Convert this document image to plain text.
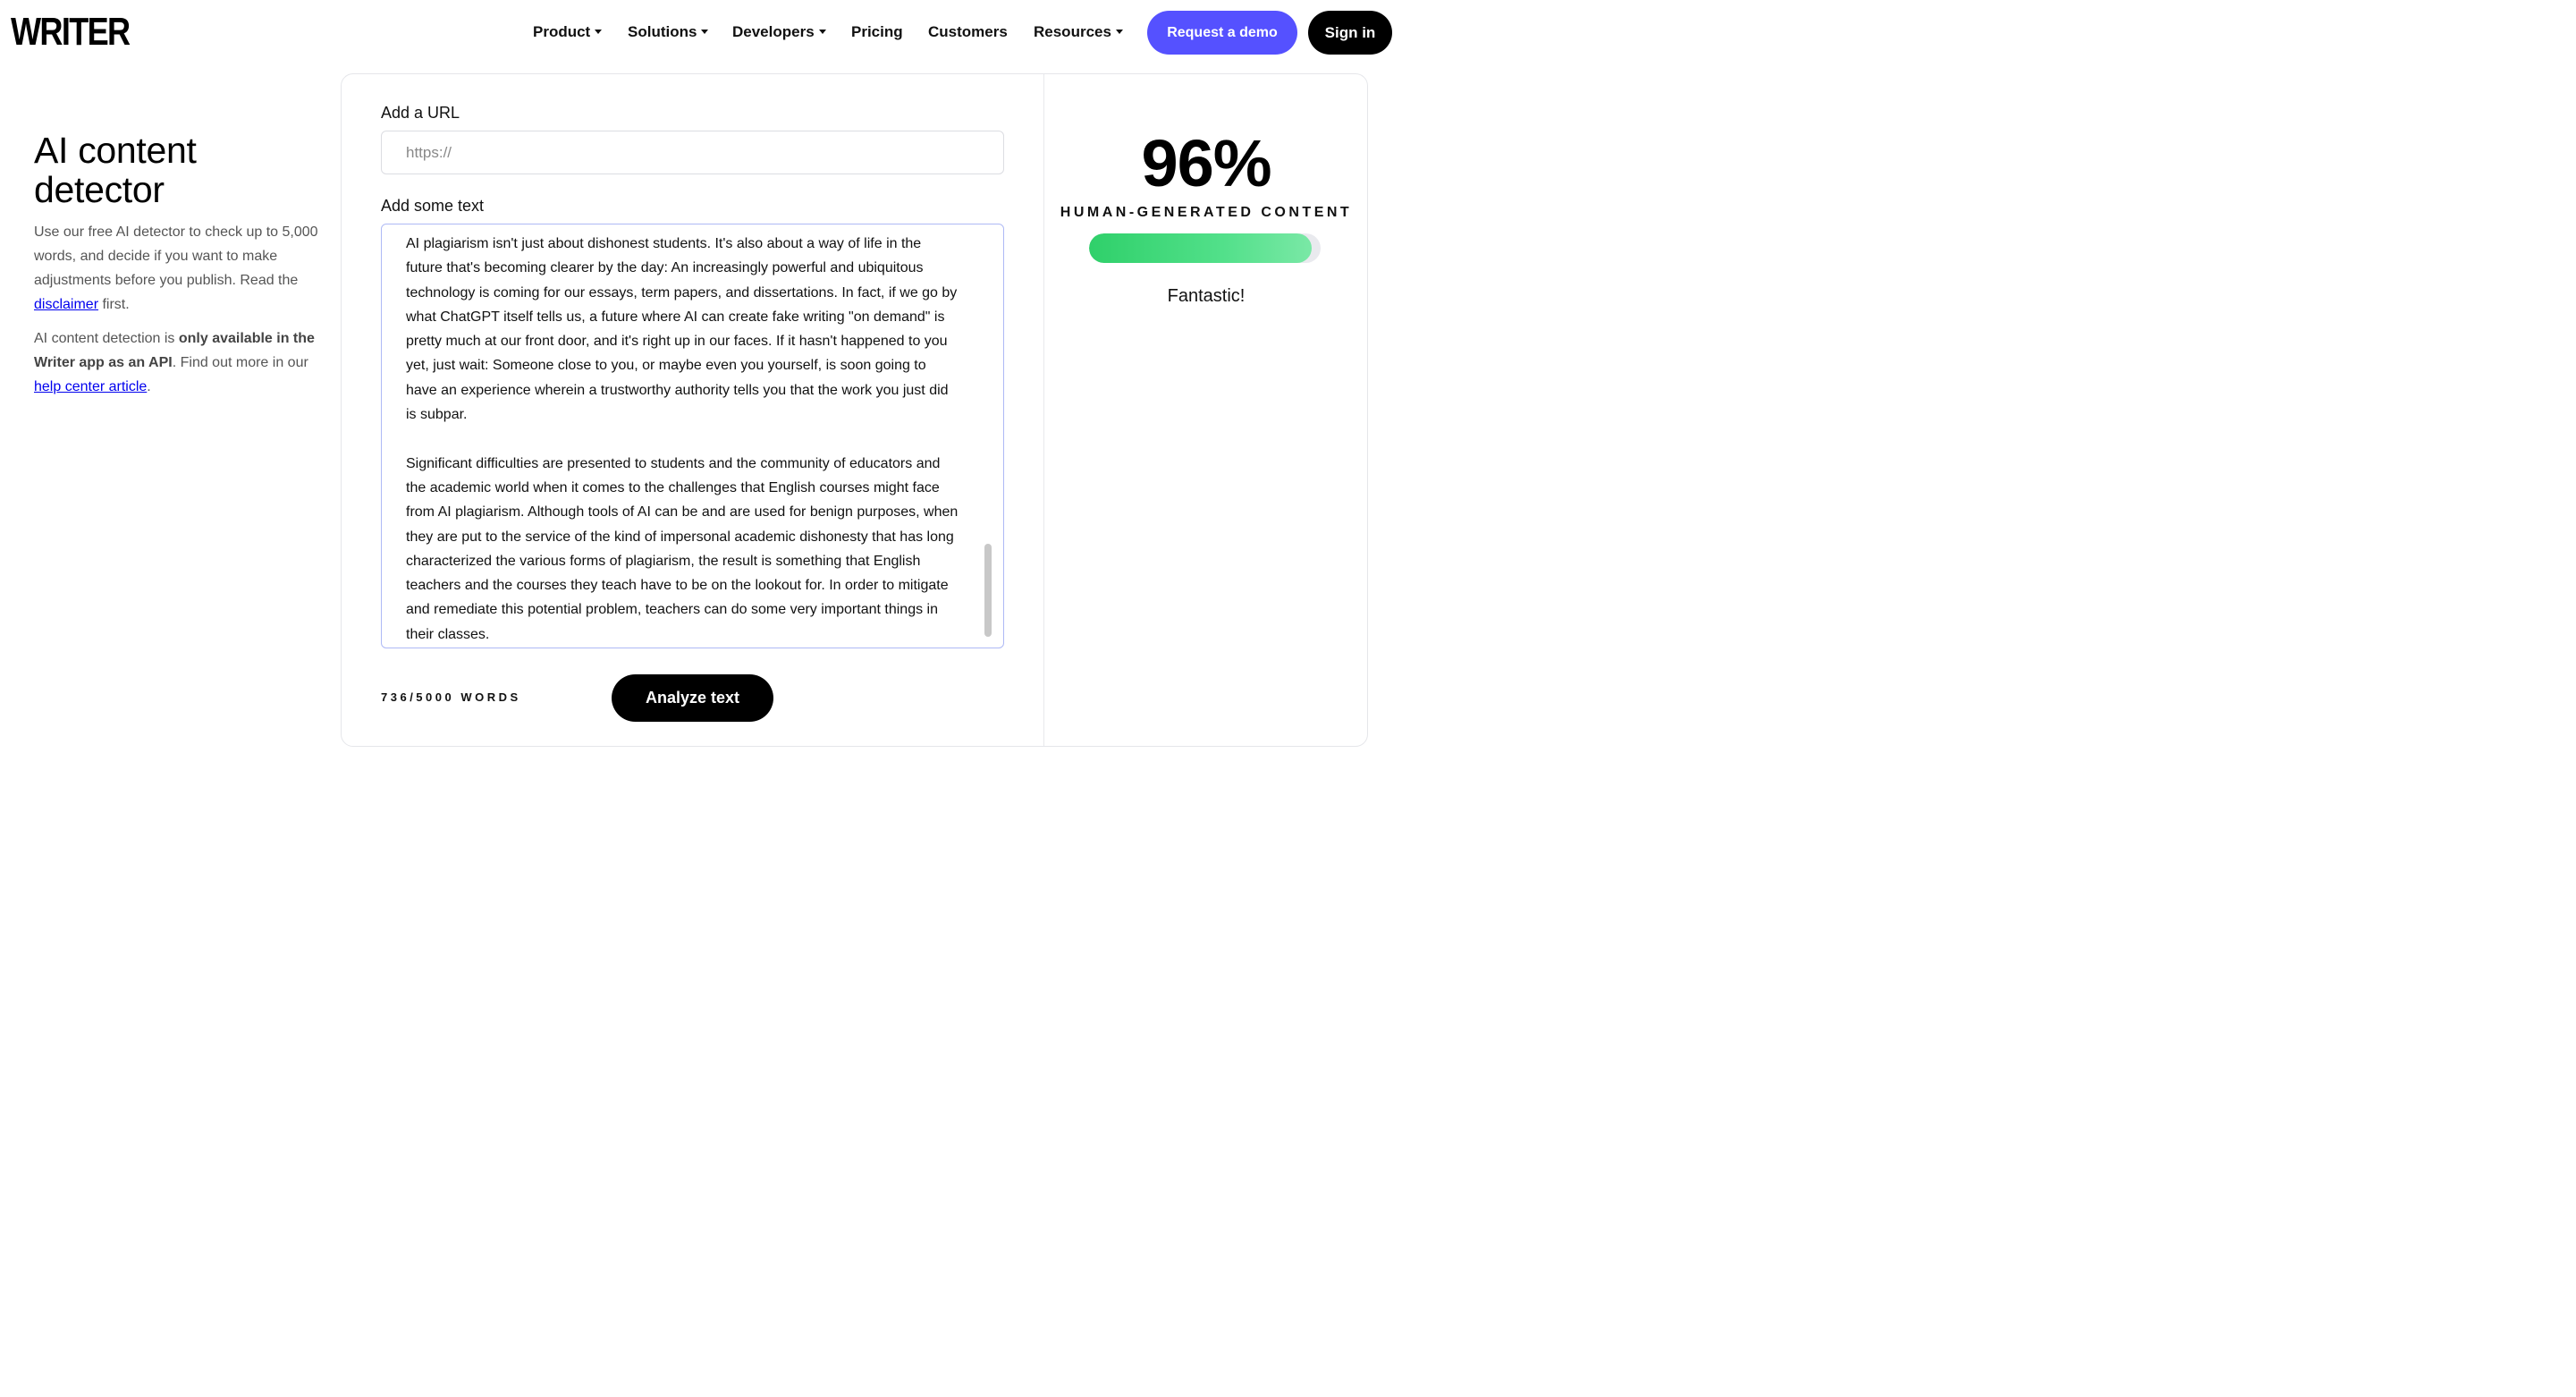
WRITER	Product	Solutions	Developers	Pricing Customers Resources	Request a demo	Sign in
AI content detector

Use our free AI detector to check up to 5,000 words, and decide if you want to make adjustments before you publish. Read the disclaimer first.

AI content detection is only available in the Writer app as an API. Find out more in our help center article.

Add a URL
https://
Add some text

AI plagiarism isn't just about dishonest students. It's also about a way of life in the future that's becoming clearer by the day: An increasingly powerful and ubiquitous technology is coming for our essays, term papers, and dissertations. In fact, if we go by what ChatGPT itself tells us, a future where AI can create fake writing "on demand" is pretty much at our front door, and it's right up in our faces. If it hasn't happened to you yet, just wait: Someone close to you, or maybe even you yourself, is soon going to have an experience wherein a trustworthy authority tells you that the work you just did is subpar.

Significant difficulties are presented to students and the community of educators and the academic world when it comes to the challenges that English courses might face from AI plagiarism. Although tools of AI can be and are used for benign purposes, when they are put to the service of the kind of impersonal academic dishonesty that has long characterized the various forms of plagiarism, the result is something that English teachers and the courses they teach have to be on the lookout for. In order to mitigate and remediate this potential problem, teachers can do some very important things in their classes.

736/5000 WORDS	Analyze text
96%
HUMAN-GENERATED CONTENT
Fantastic!
